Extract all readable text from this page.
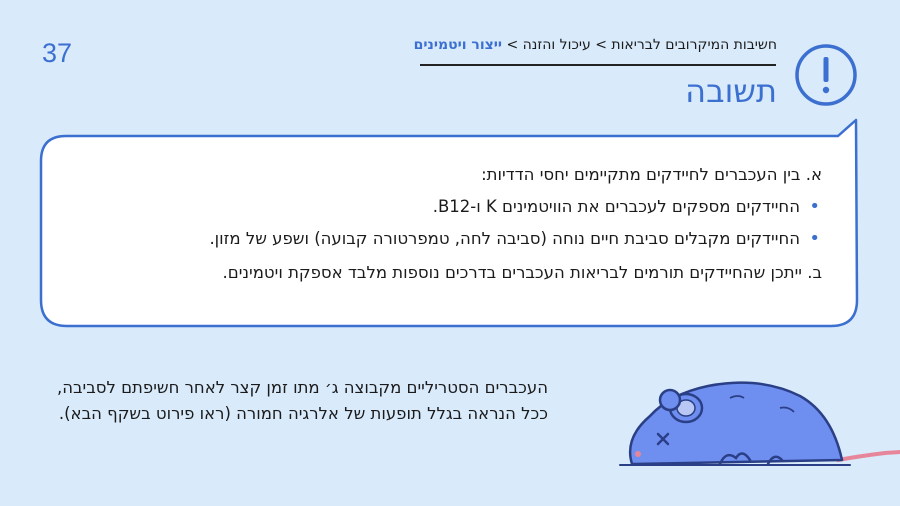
37	חשיבות המיקרובים לבריאות > עיכול והזנה > ייצור ויטמינים
תשובה

א. בין העכברים לחיידקים מתקיימים יחסי הדדיות:

•
החיידקים מספקים לעכברים את הוויטמינים K ו-B12.
•
החיידקים מקבלים סביבת חיים נוחה (סביבה לחה, טמפרטורה קבועה) ושפע של מזון.

ב. ייתכן שהחיידקים תורמים לבריאות העכברים בדרכים נוספות מלבד אספקת ויטמינים.

העכברים הסטריליים מקבוצה ג׳ מתו זמן קצר לאחר חשיפתם לסביבה, ככל הנראה בגלל תופעות של אלרגיה חמורה (ראו פירוט בשקף הבא).
